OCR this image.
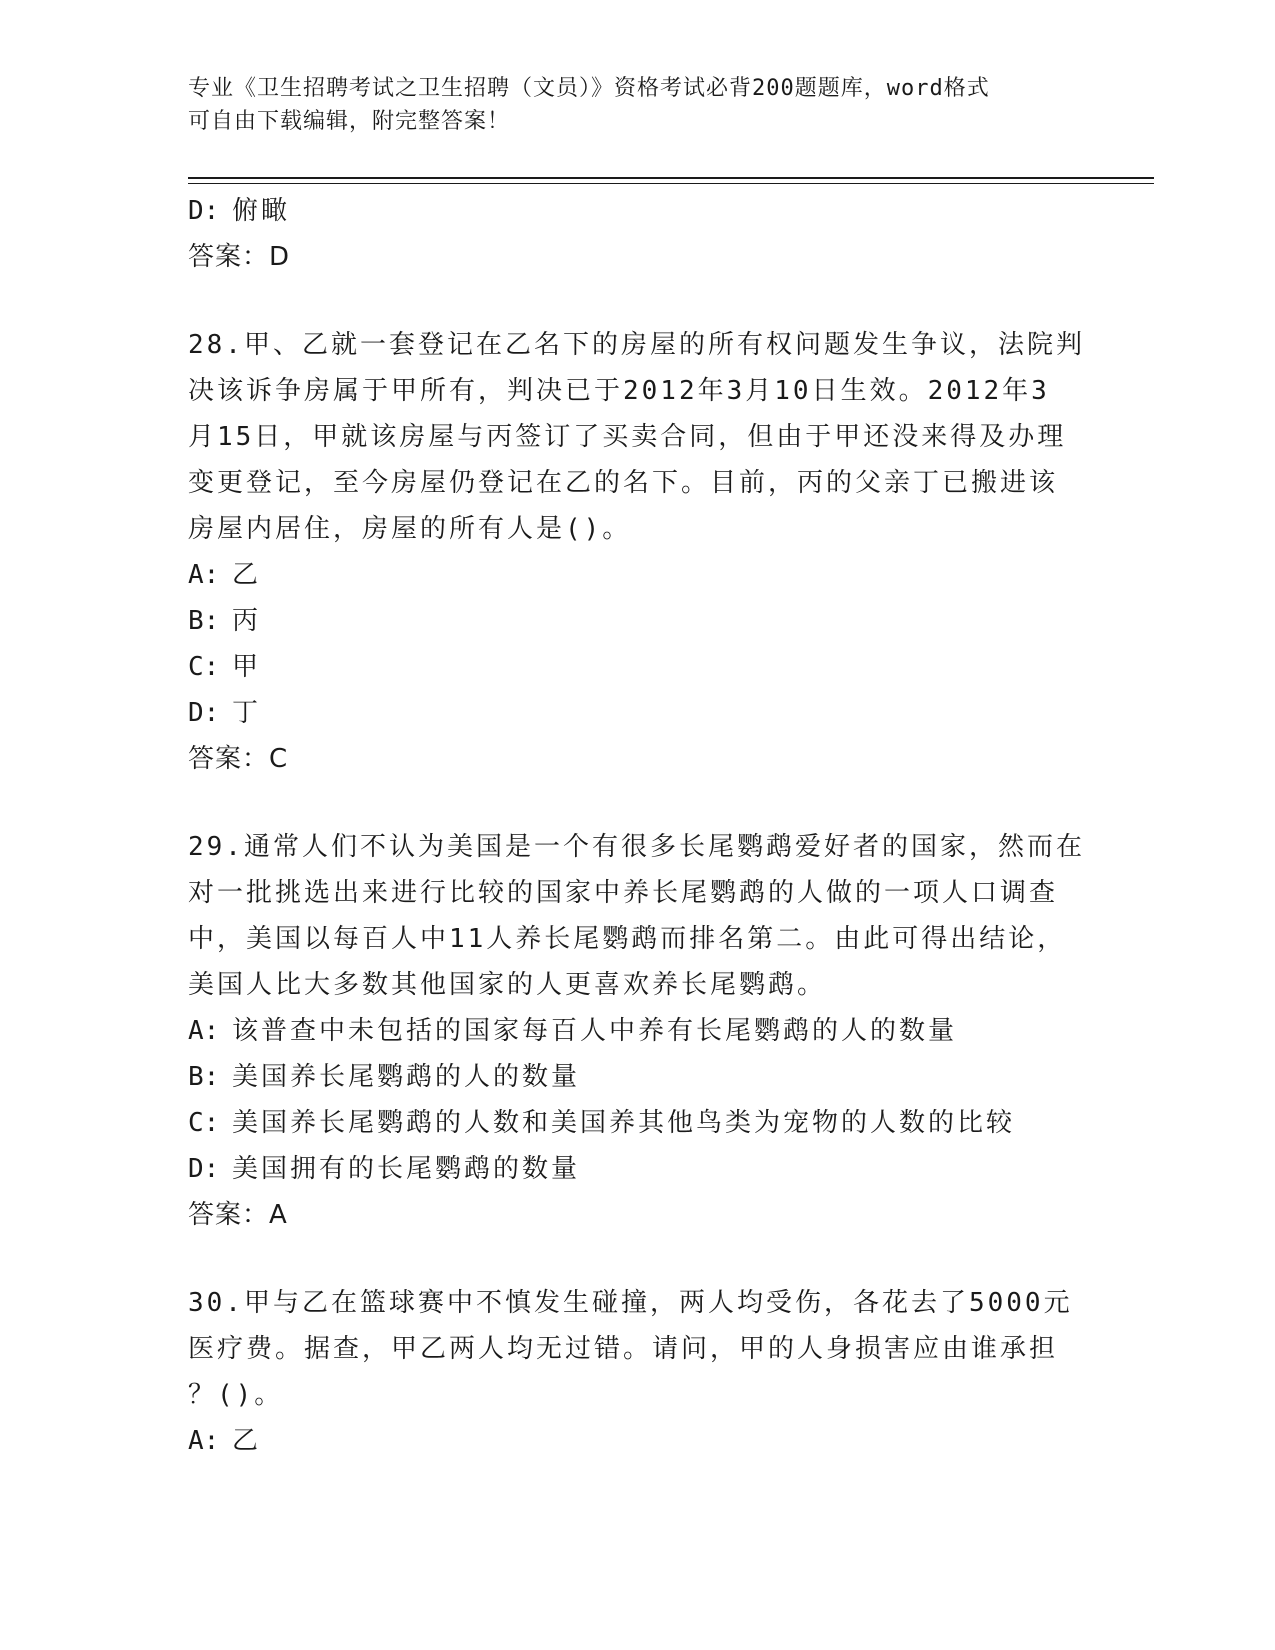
专业《卫生招聘考试之卫生招聘（文员）》资格考试必背200题题库，word格式
可自由下载编辑，附完整答案！
D: 俯瞰
答案：D
28.甲、乙就一套登记在乙名下的房屋的所有权问题发生争议，法院判
决该诉争房属于甲所有，判决已于2012年3月10日生效。2012年3
月15日，甲就该房屋与丙签订了买卖合同，但由于甲还没来得及办理
变更登记，至今房屋仍登记在乙的名下。目前，丙的父亲丁已搬进该
房屋内居住，房屋的所有人是()。
A: 乙
B: 丙
C: 甲
D: 丁
答案：C
29.通常人们不认为美国是一个有很多长尾鹦鹉爱好者的国家，然而在
对一批挑选出来进行比较的国家中养长尾鹦鹉的人做的一项人口调查
中，美国以每百人中11人养长尾鹦鹉而排名第二。由此可得出结论，
美国人比大多数其他国家的人更喜欢养长尾鹦鹉。
A: 该普查中未包括的国家每百人中养有长尾鹦鹉的人的数量
B: 美国养长尾鹦鹉的人的数量
C: 美国养长尾鹦鹉的人数和美国养其他鸟类为宠物的人数的比较
D: 美国拥有的长尾鹦鹉的数量
答案：A
30.甲与乙在篮球赛中不慎发生碰撞，两人均受伤，各花去了5000元
医疗费。据查，甲乙两人均无过错。请问，甲的人身损害应由谁承担
？()。
A: 乙
